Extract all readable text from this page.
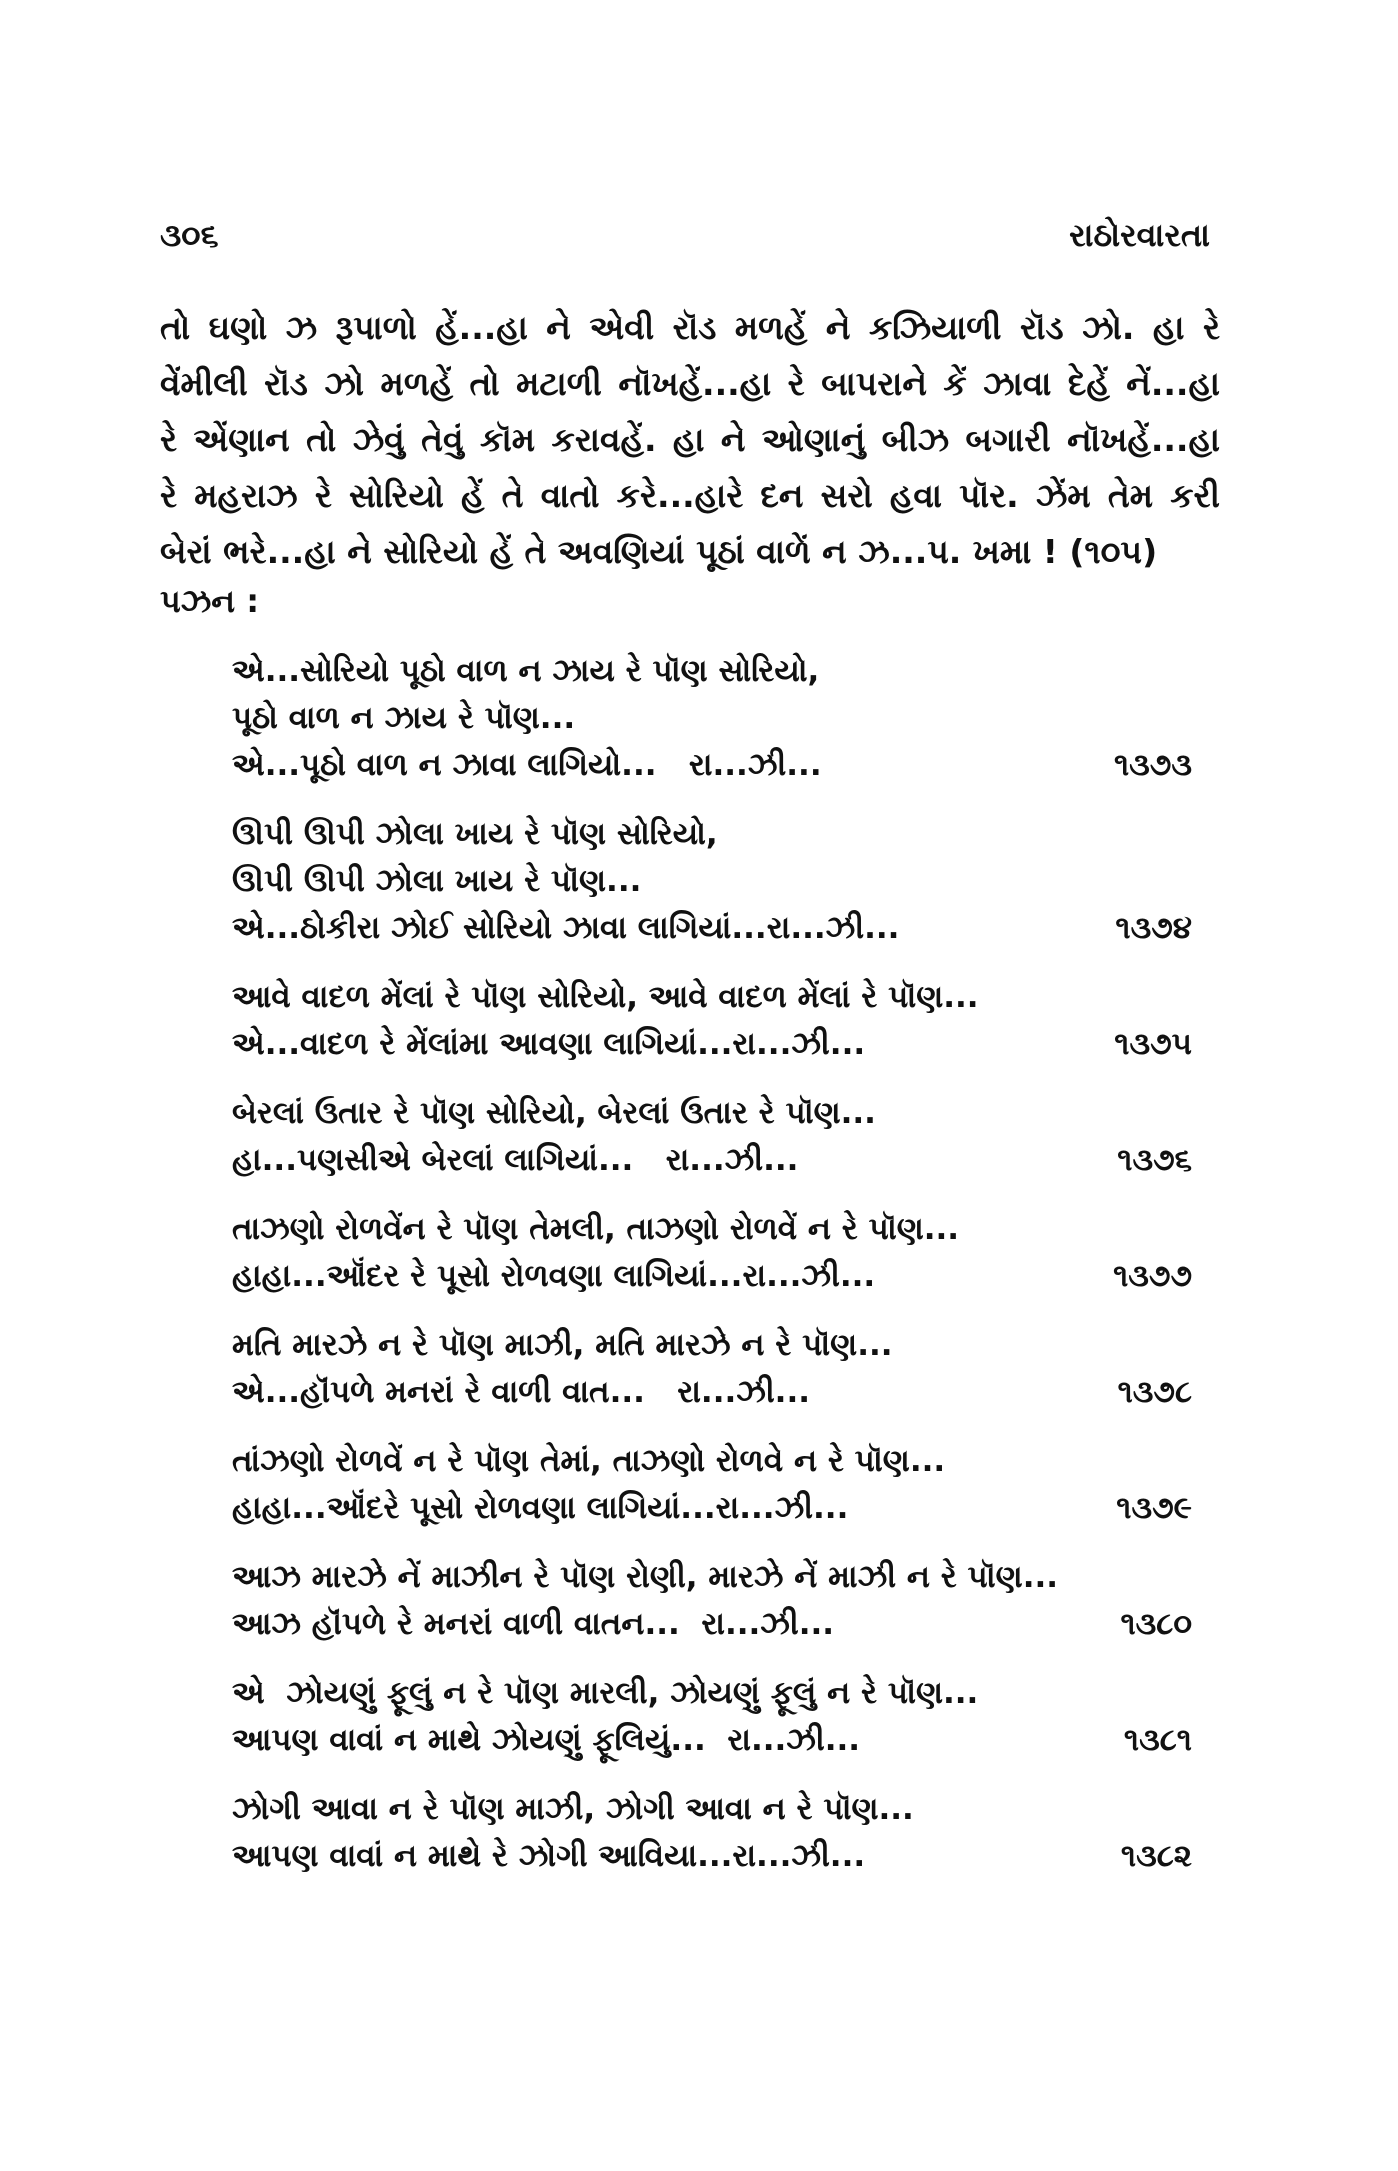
૩૦૬	રાઠોરવારતા
તો ઘણો ઝ રૂપાળો હેં...હા ને એવી રૉડ મળહેં ને કઝિયાળી રૉડ ઝો. હા રે
વેંમીલી રૉડ ઝો મળહેં તો મટાળી નૉખહેં...હા રે બાપરાને કેં ઝાવા દેહેં નેં...હા
રે એંણાન તો ઝેવું તેવું કૉમ કરાવહેં. હા ને ઓણાનું બીઝ બગારી નૉખહેં...હા
રે મહરાઝ રે સોરિયો હેં તે વાતો કરે...હારે દન સરો હવા પૉર. ઝેંમ તેમ કરી
બેરાં ભરે...હા ને સોરિયો હેં તે અવણિયાં પૂઠાં વાળેં ન ઝ...પ. ખમા ! (૧૦૫)
પઝન :
એ...સોરિયો પૂઠો વાળ ન ઝાય રે પૉણ સોરિયો,
પૂઠો વાળ ન ઝાય રે પૉણ...
એ...પૂઠો વાળ ન ઝાવા લાગિયો...   રા...ઝી...	૧૩૭૩
ઊપી ઊપી ઝોલા ખાય રે પૉણ સોરિયો,
ઊપી ઊપી ઝોલા ખાય રે પૉણ...
એ...ઠોકીરા ઝોઈ સોરિયો ઝાવા લાગિયાં...રા...ઝી...	૧૩૭૪
આવે વાદળ મેંલાં રે પૉણ સોરિયો, આવે વાદળ મેંલાં રે પૉણ...
એ...વાદળ રે મેંલાંમા આવણા લાગિયાં...રા...ઝી...	૧૩૭૫
બેરલાં ઉતાર રે પૉણ સોરિયો, બેરલાં ઉતાર રે પૉણ...
હા...પણસીએ બેરલાં લાગિયાં...   રા...ઝી...	૧૩૭૬
તાઝણો રોળવેંન રે પૉણ તેમલી, તાઝણો રોળવેં ન રે પૉણ...
હાહા...ઑંદર રે પૂસો રોળવણા લાગિયાં...રા...ઝી...	૧૩૭૭
મતિ મારઝે ન રે પૉણ માઝી, મતિ મારઝે ન રે પૉણ...
એ...હૉંપળે મનરાં રે વાળી વાત...   રા...ઝી...	૧૩૭૮
તાંઝણો રોળવેં ન રે પૉણ તેમાં, તાઝણો રોળવે ન રે પૉણ...
હાહા...ઑંદરે પૂસો રોળવણા લાગિયાં...રા...ઝી...	૧૩૭૯
આઝ મારઝે નેં માઝીન રે પૉણ રોણી, મારઝે નેં માઝી ન રે પૉણ...
આઝ હૉંપળે રે મનરાં વાળી વાતન...  રા...ઝી...	૧૩૮૦
એ  ઝોયણું ફૂલું ન રે પૉણ મારલી, ઝોયણું ફૂલું ન રે પૉણ...
આપણ વાવાં ન માથે ઝોયણું ફૂલિયું...  રા...ઝી...	૧૩૮૧
ઝોગી આવા ન રે પૉણ માઝી, ઝોગી આવા ન રે પૉણ...
આપણ વાવાં ન માથે રે ઝોગી આવિયા...રા...ઝી...	૧૩૮૨
